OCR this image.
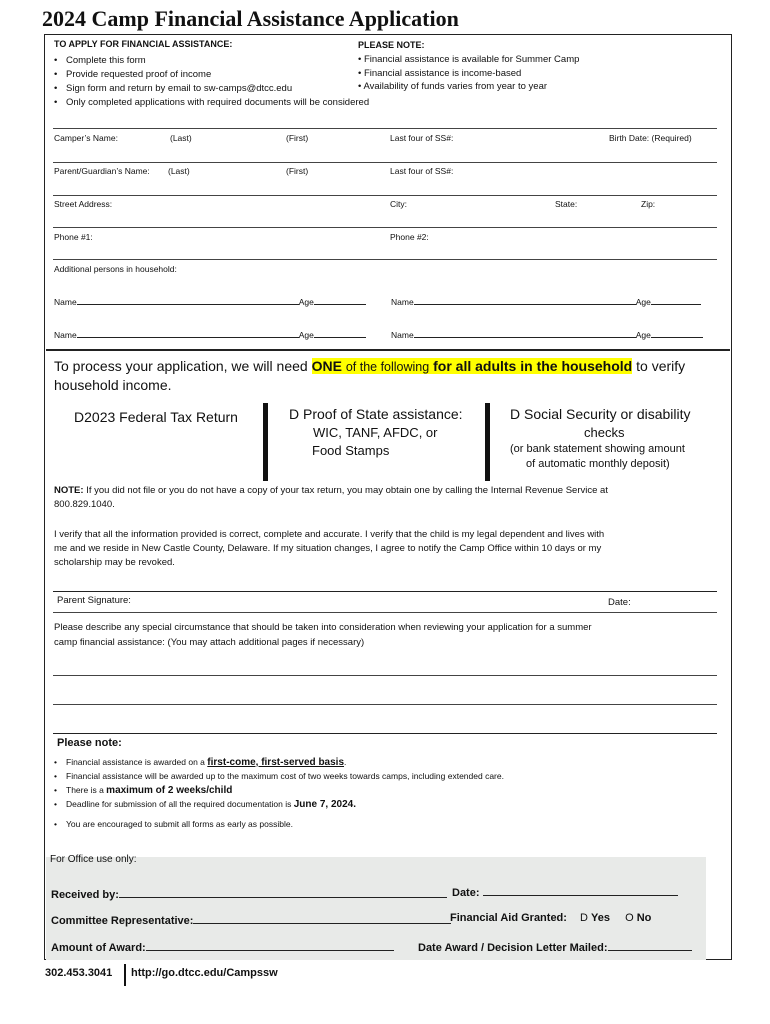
2024 Camp Financial Assistance Application
TO APPLY FOR FINANCIAL ASSISTANCE:
• Complete this form
• Provide requested proof of income
• Sign form and return by email to sw-camps@dtcc.edu
• Only completed applications with required documents will be considered
PLEASE NOTE:
• Financial assistance is available for Summer Camp
• Financial assistance is income-based
• Availability of funds varies from year to year
Camper’s Name:	(Last)	(First)	Last four of SS#:	Birth Date: (Required)
Parent/Guardian’s Name: (Last)	(First)	Last four of SS#:
Street Address:	City:	State:	Zip:
Phone #1:	Phone #2:
Additional persons in household:
Name	Age	Name	Age
Name	Age	Name	Age
To process your application, we will need ONE of the following for all adults in the household to verify
household income.
D2023 Federal Tax Return	D Proof of State assistance:
WIC, TANF, AFDC, or
Food Stamps
D Social Security or disability
checks
(or bank statement showing amount
of automatic monthly deposit)
NOTE: If you did not file or you do not have a copy of your tax return, you may obtain one by calling the Internal Revenue Service at
800.829.1040.
I verify that all the information provided is correct, complete and accurate. I verify that the child is my legal dependent and lives with
me and we reside in New Castle County, Delaware. If my situation changes, I agree to notify the Camp Office within 10 days or my
scholarship may be revoked.
Parent Signature:	Date:
Please describe any special circumstance that should be taken into consideration when reviewing your application for a summer
camp financial assistance: (You may attach additional pages if necessary)
Please note:
• Financial assistance is awarded on a first-come, first-served basis.
• Financial assistance will be awarded up to the maximum cost of two weeks towards camps, including extended care.
• There is a maximum of 2 weeks/child
• Deadline for submission of all the required documentation is June 7, 2024.
• You are encouraged to submit all forms as early as possible.
For Office use only:
Received by:	Date:
Committee Representative:	Financial Aid Granted: D Yes O No
Amount of Award:	Date Award / Decision Letter Mailed:
302.453.3041 http://go.dtcc.edu/Campssw
